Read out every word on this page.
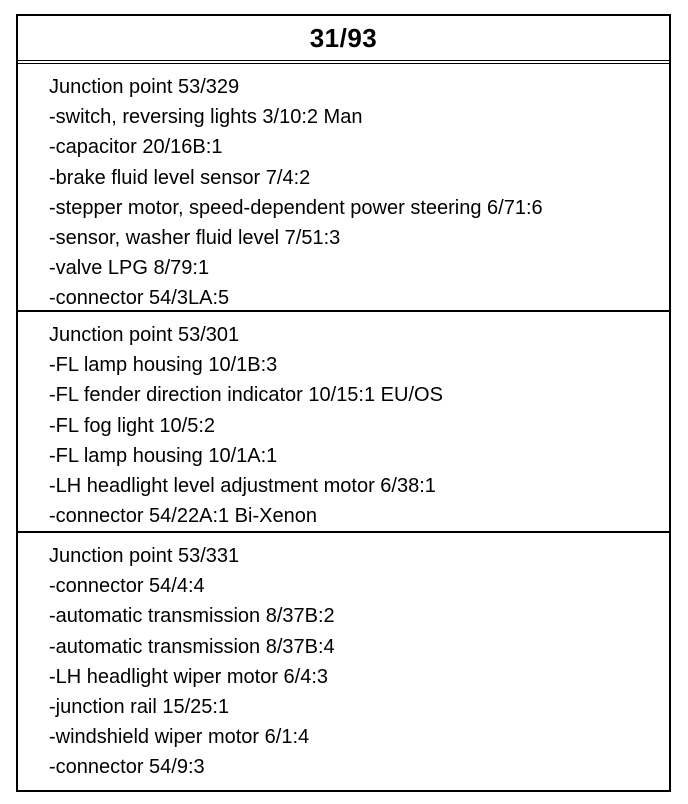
31/93
Junction point 53/329
-switch, reversing lights 3/10:2 Man
-capacitor 20/16B:1
-brake fluid level sensor 7/4:2
-stepper motor, speed-dependent power steering 6/71:6
-sensor, washer fluid level 7/51:3
-valve LPG 8/79:1
-connector 54/3LA:5
Junction point 53/301
-FL lamp housing 10/1B:3
-FL fender direction indicator 10/15:1 EU/OS
-FL fog light 10/5:2
-FL lamp housing 10/1A:1
-LH headlight level adjustment motor 6/38:1
-connector 54/22A:1 Bi-Xenon
Junction point 53/331
-connector 54/4:4
-automatic transmission 8/37B:2
-automatic transmission 8/37B:4
-LH headlight wiper motor 6/4:3
-junction rail 15/25:1
-windshield wiper motor 6/1:4
-connector 54/9:3
